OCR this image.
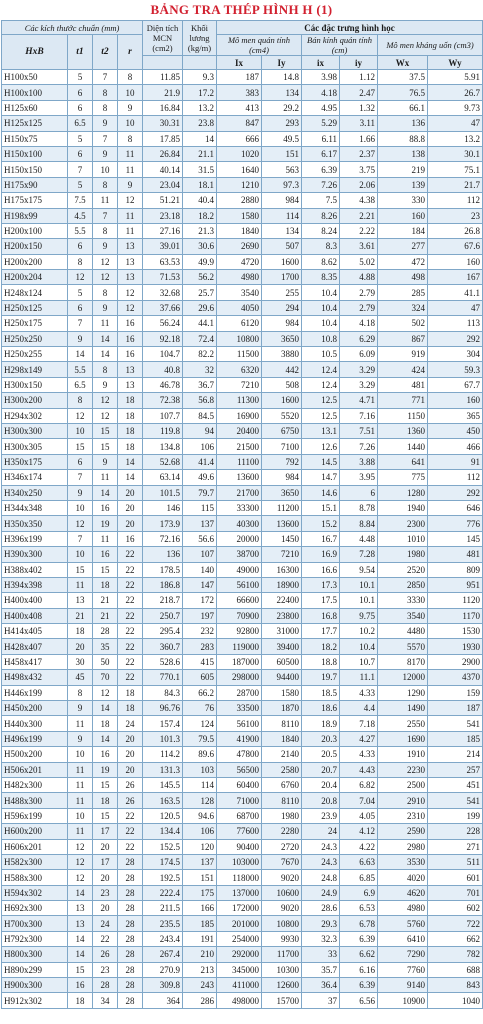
BẢNG TRA THÉP HÌNH H (1)
Các kích thước chuẩn (mm)				Diện tích MCN (cm2)	Khối lương (kg/m)	Các đặc trưng hình học					
HxB	t1	t2	r			Mô men quán tính (cm4)		Bán kính quán tính (cm)		Mô men kháng uốn (cm3)	
						Ix	Iy	ix	iy	Wx	Wy
H100x50	5	7	8	11.85	9.3	187	14.8	3.98	1.12	37.5	5.91
H100x100	6	8	10	21.9	17.2	383	134	4.18	2.47	76.5	26.7
H125x60	6	8	9	16.84	13.2	413	29.2	4.95	1.32	66.1	9.73
H125x125	6.5	9	10	30.31	23.8	847	293	5.29	3.11	136	47
H150x75	5	7	8	17.85	14	666	49.5	6.11	1.66	88.8	13.2
H150x100	6	9	11	26.84	21.1	1020	151	6.17	2.37	138	30.1
H150x150	7	10	11	40.14	31.5	1640	563	6.39	3.75	219	75.1
H175x90	5	8	9	23.04	18.1	1210	97.3	7.26	2.06	139	21.7
H175x175	7.5	11	12	51.21	40.4	2880	984	7.5	4.38	330	112
H198x99	4.5	7	11	23.18	18.2	1580	114	8.26	2.21	160	23
H200x100	5.5	8	11	27.16	21.3	1840	134	8.24	2.22	184	26.8
H200x150	6	9	13	39.01	30.6	2690	507	8.3	3.61	277	67.6
H200x200	8	12	13	63.53	49.9	4720	1600	8.62	5.02	472	160
H200x204	12	12	13	71.53	56.2	4980	1700	8.35	4.88	498	167
H248x124	5	8	12	32.68	25.7	3540	255	10.4	2.79	285	41.1
H250x125	6	9	12	37.66	29.6	4050	294	10.4	2.79	324	47
H250x175	7	11	16	56.24	44.1	6120	984	10.4	4.18	502	113
H250x250	9	14	16	92.18	72.4	10800	3650	10.8	6.29	867	292
H250x255	14	14	16	104.7	82.2	11500	3880	10.5	6.09	919	304
H298x149	5.5	8	13	40.8	32	6320	442	12.4	3.29	424	59.3
H300x150	6.5	9	13	46.78	36.7	7210	508	12.4	3.29	481	67.7
H300x200	8	12	18	72.38	56.8	11300	1600	12.5	4.71	771	160
H294x302	12	12	18	107.7	84.5	16900	5520	12.5	7.16	1150	365
H300x300	10	15	18	119.8	94	20400	6750	13.1	7.51	1360	450
H300x305	15	15	18	134.8	106	21500	7100	12.6	7.26	1440	466
H350x175	6	9	14	52.68	41.4	11100	792	14.5	3.88	641	91
H346x174	7	11	14	63.14	49.6	13600	984	14.7	3.95	775	112
H340x250	9	14	20	101.5	79.7	21700	3650	14.6	6	1280	292
H344x348	10	16	20	146	115	33300	11200	15.1	8.78	1940	646
H350x350	12	19	20	173.9	137	40300	13600	15.2	8.84	2300	776
H396x199	7	11	16	72.16	56.6	20000	1450	16.7	4.48	1010	145
H390x300	10	16	22	136	107	38700	7210	16.9	7.28	1980	481
H388x402	15	15	22	178.5	140	49000	16300	16.6	9.54	2520	809
H394x398	11	18	22	186.8	147	56100	18900	17.3	10.1	2850	951
H400x400	13	21	22	218.7	172	66600	22400	17.5	10.1	3330	1120
H400x408	21	21	22	250.7	197	70900	23800	16.8	9.75	3540	1170
H414x405	18	28	22	295.4	232	92800	31000	17.7	10.2	4480	1530
H428x407	20	35	22	360.7	283	119000	39400	18.2	10.4	5570	1930
H458x417	30	50	22	528.6	415	187000	60500	18.8	10.7	8170	2900
H498x432	45	70	22	770.1	605	298000	94400	19.7	11.1	12000	4370
H446x199	8	12	18	84.3	66.2	28700	1580	18.5	4.33	1290	159
H450x200	9	14	18	96.76	76	33500	1870	18.6	4.4	1490	187
H440x300	11	18	24	157.4	124	56100	8110	18.9	7.18	2550	541
H496x199	9	14	20	101.3	79.5	41900	1840	20.3	4.27	1690	185
H500x200	10	16	20	114.2	89.6	47800	2140	20.5	4.33	1910	214
H506x201	11	19	20	131.3	103	56500	2580	20.7	4.43	2230	257
H482x300	11	15	26	145.5	114	60400	6760	20.4	6.82	2500	451
H488x300	11	18	26	163.5	128	71000	8110	20.8	7.04	2910	541
H596x199	10	15	22	120.5	94.6	68700	1980	23.9	4.05	2310	199
H600x200	11	17	22	134.4	106	77600	2280	24	4.12	2590	228
H606x201	12	20	22	152.5	120	90400	2720	24.3	4.22	2980	271
H582x300	12	17	28	174.5	137	103000	7670	24.3	6.63	3530	511
H588x300	12	20	28	192.5	151	118000	9020	24.8	6.85	4020	601
H594x302	14	23	28	222.4	175	137000	10600	24.9	6.9	4620	701
H692x300	13	20	28	211.5	166	172000	9020	28.6	6.53	4980	602
H700x300	13	24	28	235.5	185	201000	10800	29.3	6.78	5760	722
H792x300	14	22	28	243.4	191	254000	9930	32.3	6.39	6410	662
H800x300	14	26	28	267.4	210	292000	11700	33	6.62	7290	782
H890x299	15	23	28	270.9	213	345000	10300	35.7	6.16	7760	688
H900x300	16	28	28	309.8	243	411000	12600	36.4	6.39	9140	843
H912x302	18	34	28	364	286	498000	15700	37	6.56	10900	1040
